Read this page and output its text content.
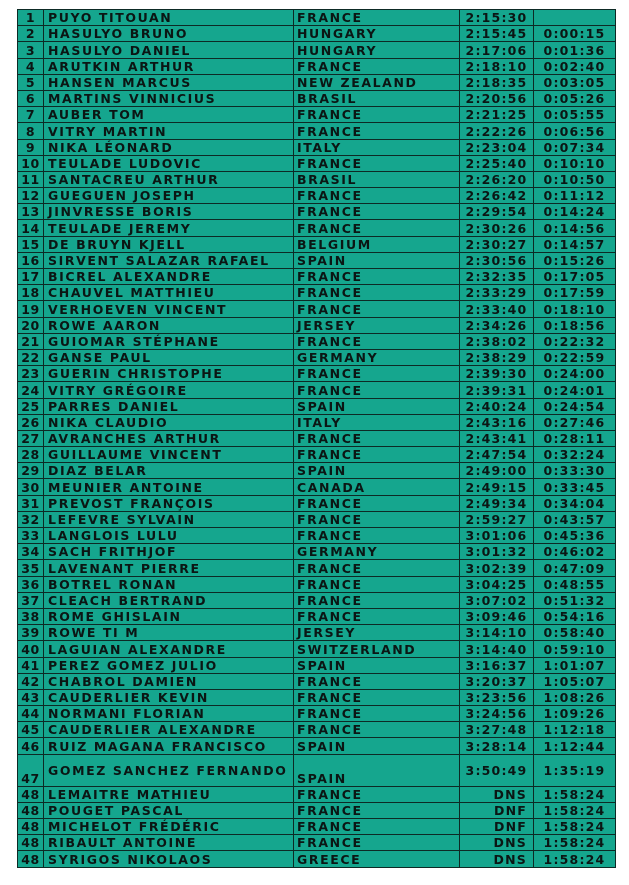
1	PUYO TITOUAN	FRANCE	2:15:30	
2	HASULYO BRUNO	HUNGARY	2:15:45	0:00:15
3	HASULYO DANIEL	HUNGARY	2:17:06	0:01:36
4	ARUTKIN ARTHUR	FRANCE	2:18:10	0:02:40
5	HANSEN MARCUS	NEW ZEALAND	2:18:35	0:03:05
6	MARTINS VINNICIUS	BRASIL	2:20:56	0:05:26
7	AUBER TOM	FRANCE	2:21:25	0:05:55
8	VITRY MARTIN	FRANCE	2:22:26	0:06:56
9	NIKA LÉONARD	ITALY	2:23:04	0:07:34
10	TEULADE LUDOVIC	FRANCE	2:25:40	0:10:10
11	SANTACREU ARTHUR	BRASIL	2:26:20	0:10:50
12	GUEGUEN JOSEPH	FRANCE	2:26:42	0:11:12
13	JINVRESSE BORIS	FRANCE	2:29:54	0:14:24
14	TEULADE JEREMY	FRANCE	2:30:26	0:14:56
15	DE BRUYN KJELL	BELGIUM	2:30:27	0:14:57
16	SIRVENT SALAZAR RAFAEL	SPAIN	2:30:56	0:15:26
17	BICREL ALEXANDRE	FRANCE	2:32:35	0:17:05
18	CHAUVEL MATTHIEU	FRANCE	2:33:29	0:17:59
19	VERHOEVEN VINCENT	FRANCE	2:33:40	0:18:10
20	ROWE AARON	JERSEY	2:34:26	0:18:56
21	GUIOMAR STÉPHANE	FRANCE	2:38:02	0:22:32
22	GANSE PAUL	GERMANY	2:38:29	0:22:59
23	GUERIN CHRISTOPHE	FRANCE	2:39:30	0:24:00
24	VITRY GRÉGOIRE	FRANCE	2:39:31	0:24:01
25	PARRES DANIEL	SPAIN	2:40:24	0:24:54
26	NIKA CLAUDIO	ITALY	2:43:16	0:27:46
27	AVRANCHES ARTHUR	FRANCE	2:43:41	0:28:11
28	GUILLAUME VINCENT	FRANCE	2:47:54	0:32:24
29	DIAZ BELAR	SPAIN	2:49:00	0:33:30
30	MEUNIER ANTOINE	CANADA	2:49:15	0:33:45
31	PREVOST FRANÇOIS	FRANCE	2:49:34	0:34:04
32	LEFEVRE SYLVAIN	FRANCE	2:59:27	0:43:57
33	LANGLOIS LULU	FRANCE	3:01:06	0:45:36
34	SACH FRITHJOF	GERMANY	3:01:32	0:46:02
35	LAVENANT PIERRE	FRANCE	3:02:39	0:47:09
36	BOTREL RONAN	FRANCE	3:04:25	0:48:55
37	CLEACH BERTRAND	FRANCE	3:07:02	0:51:32
38	ROME GHISLAIN	FRANCE	3:09:46	0:54:16
39	ROWE TI M	JERSEY	3:14:10	0:58:40
40	LAGUIAN ALEXANDRE	SWITZERLAND	3:14:40	0:59:10
41	PEREZ GOMEZ JULIO	SPAIN	3:16:37	1:01:07
42	CHABROL DAMIEN	FRANCE	3:20:37	1:05:07
43	CAUDERLIER KEVIN	FRANCE	3:23:56	1:08:26
44	NORMANI FLORIAN	FRANCE	3:24:56	1:09:26
45	CAUDERLIER ALEXANDRE	FRANCE	3:27:48	1:12:18
46	RUIZ MAGANA FRANCISCO	SPAIN	3:28:14	1:12:44
47	GOMEZ SANCHEZ FERNANDO	SPAIN	3:50:49	1:35:19
48	LEMAITRE MATHIEU	FRANCE	DNS	1:58:24
48	POUGET PASCAL	FRANCE	DNF	1:58:24
48	MICHELOT FRÉDÉRIC	FRANCE	DNF	1:58:24
48	RIBAULT ANTOINE	FRANCE	DNS	1:58:24
48	SYRIGOS NIKOLAOS	GREECE	DNS	1:58:24
